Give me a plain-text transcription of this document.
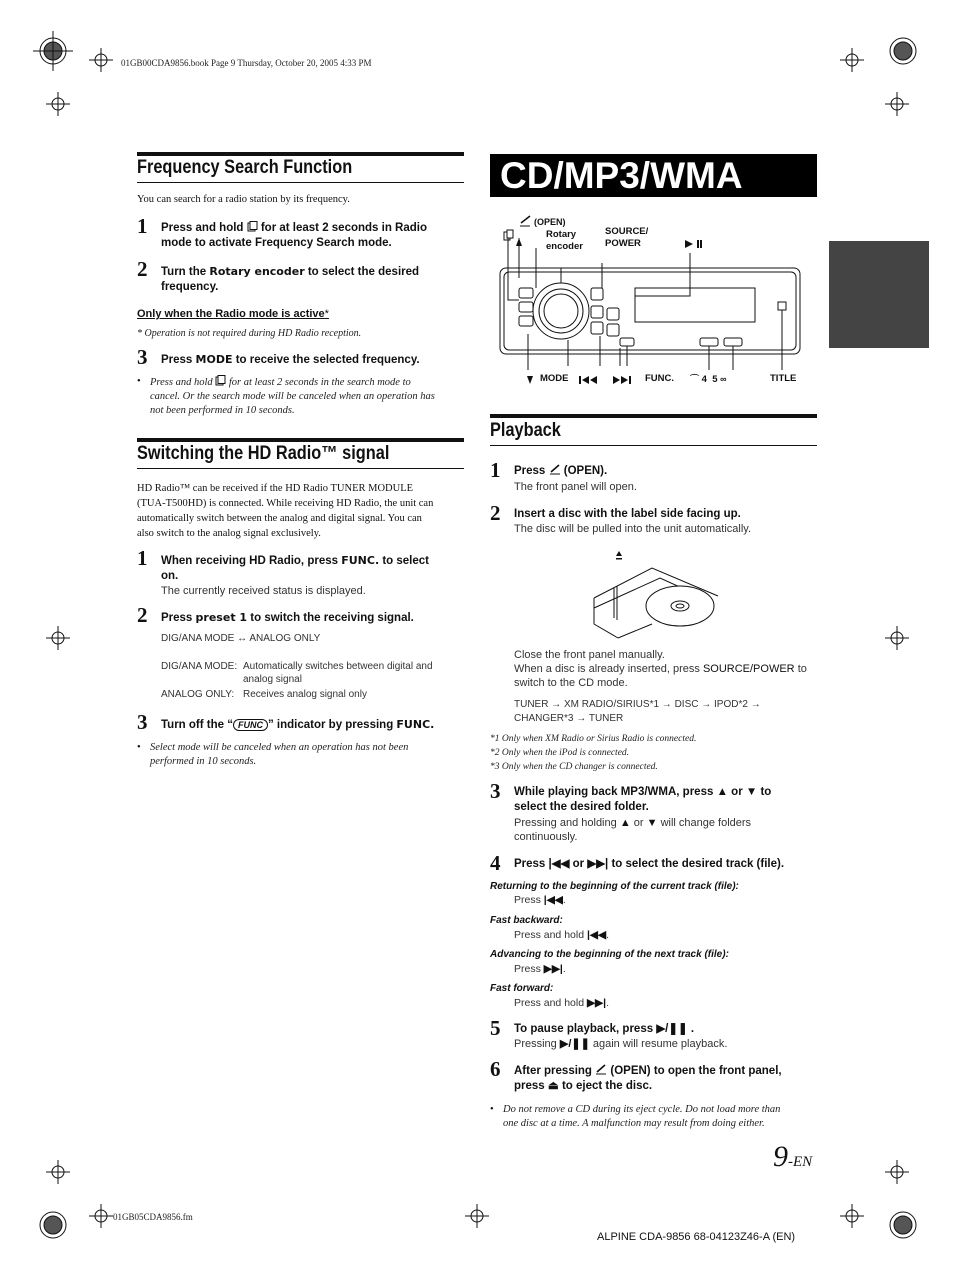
01GB00CDA9856.book Page 9 Thursday, October 20, 2005 4:33 PM
Frequency Search Function
You can search for a radio station by its frequency.
1 Press and hold for at least 2 seconds in Radio
mode to activate Frequency Search mode.
2 Turn the Rotary encoder to select the desired
frequency.
Only when the Radio mode is active*
* Operation is not required during HD Radio reception.
3 Press MODE to receive the selected frequency.
• Press and hold for at least 2 seconds in the search mode to
cancel. Or the search mode will be canceled when an operation has
not been performed in 10 seconds.
Switching the HD Radio™ signal
HD Radio™ can be received if the HD Radio TUNER MODULE
(TUA-T500HD) is connected. While receiving HD Radio, the unit can
automatically switch between the analog and digital signal. You can
also switch to the analog signal exclusively.
1 When receiving HD Radio, press FUNC. to select
on.
The currently received status is displayed.
2 Press preset 1 to switch the receiving signal.
DIG/ANA MODE ↔ ANALOG ONLY
DIG/ANA MODE: Automatically switches between digital and
analog signal
ANALOG ONLY: Receives analog signal only
3 Turn off the “ FUNC ” indicator by pressing FUNC.
• Select mode will be canceled when an operation has not been
performed in 10 seconds.
CD/MP3/WMA
(OPEN)
Rotary
encoder
SOURCE/
POWER
MODE	FUNC. ⌒ 4 5 ∞	TITLE
Playback
1 Press (OPEN).
The front panel will open.
2 Insert a disc with the label side facing up.
The disc will be pulled into the unit automatically.
Close the front panel manually.
When a disc is already inserted, press SOURCE/POWER to
switch to the CD mode.
TUNER → XM RADIO/SIRIUS*1 → DISC → IPOD*2 →
CHANGER*3 → TUNER
*1 Only when XM Radio or Sirius Radio is connected.
*2 Only when the iPod is connected.
*3 Only when the CD changer is connected.
3 While playing back MP3/WMA, press ▲ or ▼ to
select the desired folder.
Pressing and holding ▲ or ▼ will change folders
continuously.
4 Press |◀◀ or ▶▶| to select the desired track (file).
Returning to the beginning of the current track (file):
Press |◀◀.
Fast backward:
Press and hold |◀◀.
Advancing to the beginning of the next track (file):
Press ▶▶|.
Fast forward:
Press and hold ▶▶|.
5 To pause playback, press ▶/❚❚ .
Pressing ▶/❚❚ again will resume playback.
6 After pressing (OPEN) to open the front panel,
press ⏏ to eject the disc.
• Do not remove a CD during its eject cycle. Do not load more than
one disc at a time. A malfunction may result from doing either.
9-EN
01GB05CDA9856.fm
ALPINE CDA-9856 68-04123Z46-A (EN)
